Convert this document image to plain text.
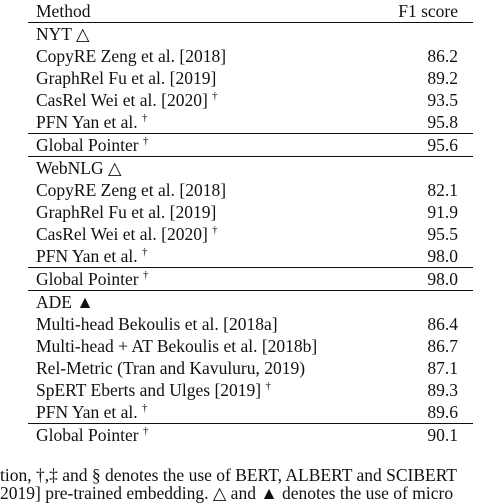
Method	F1 score
NYT △	
CopyRE Zeng et al. [2018]	86.2
GraphRel Fu et al. [2019]	89.2
CasRel Wei et al. [2020] †	93.5
PFN Yan et al. †	95.8
Global Pointer †	95.6
WebNLG △	
CopyRE Zeng et al. [2018]	82.1
GraphRel Fu et al. [2019]	91.9
CasRel Wei et al. [2020] †	95.5
PFN Yan et al. †	98.0
Global Pointer †	98.0
ADE ▲	
Multi-head Bekoulis et al. [2018a]	86.4
Multi-head + AT Bekoulis et al. [2018b]	86.7
Rel-Metric (Tran and Kavuluru, 2019)	87.1
SpERT Eberts and Ulges [2019] †	89.3
PFN Yan et al. †	89.6
Global Pointer †	90.1
tion, †,‡ and § denotes the use of BERT, ALBERT and SCIBERT
2019] pre-trained embedding. △ and ▲ denotes the use of micro
